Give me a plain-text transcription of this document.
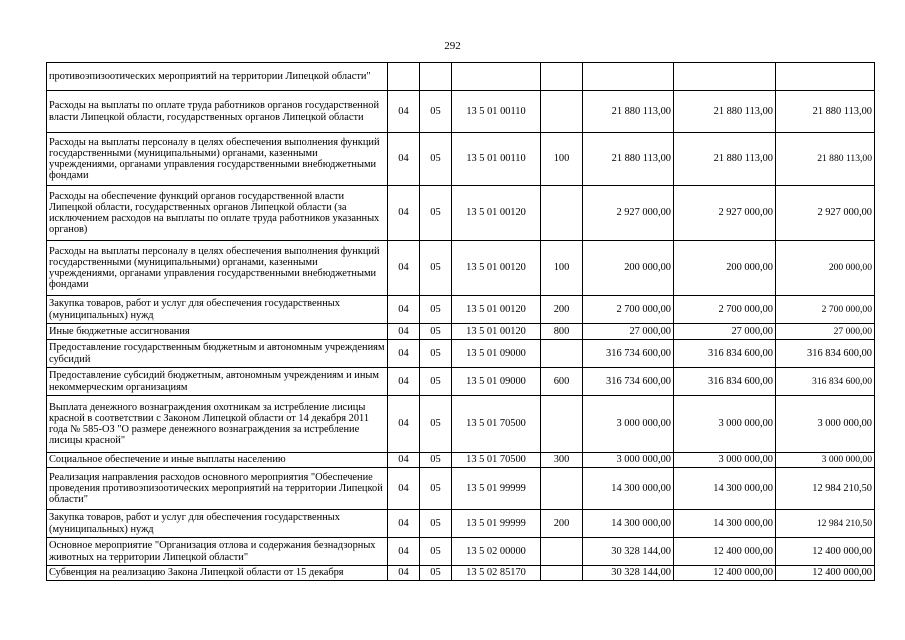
292
противоэпизоотических мероприятий на территории Липецкой области"							
Расходы на выплаты по оплате труда работников органов государственной власти Липецкой области, государственных органов Липецкой области	04	05	13 5 01 00110		21 880 113,00	21 880 113,00	21 880 113,00
Расходы на выплаты персоналу в целях обеспечения выполнения функций государственными (муниципальными) органами, казенными учреждениями, органами управления государственными внебюджетными фондами	04	05	13 5 01 00110	100	21 880 113,00	21 880 113,00	21 880 113,00
Расходы на обеспечение функций органов государственной власти Липецкой области, государственных органов Липецкой области (за исключением расходов на выплаты по оплате труда работников указанных органов)	04	05	13 5 01 00120		2 927 000,00	2 927 000,00	2 927 000,00
Расходы на выплаты персоналу в целях обеспечения выполнения функций государственными (муниципальными) органами, казенными учреждениями, органами управления государственными внебюджетными фондами	04	05	13 5 01 00120	100	200 000,00	200 000,00	200 000,00
Закупка товаров, работ и услуг для обеспечения государственных (муниципальных) нужд	04	05	13 5 01 00120	200	2 700 000,00	2 700 000,00	2 700 000,00
Иные бюджетные ассигнования	04	05	13 5 01 00120	800	27 000,00	27 000,00	27 000,00
Предоставление государственным бюджетным и автономным учреждениям субсидий	04	05	13 5 01 09000		316 734 600,00	316 834 600,00	316 834 600,00
Предоставление субсидий бюджетным, автономным учреждениям и иным некоммерческим организациям	04	05	13 5 01 09000	600	316 734 600,00	316 834 600,00	316 834 600,00
Выплата денежного вознаграждения охотникам за истребление лисицы красной в соответствии с Законом Липецкой области от 14 декабря 2011 года № 585-ОЗ "О размере денежного вознаграждения за истребление лисицы красной"	04	05	13 5 01 70500		3 000 000,00	3 000 000,00	3 000 000,00
Социальное обеспечение и иные выплаты населению	04	05	13 5 01 70500	300	3 000 000,00	3 000 000,00	3 000 000,00
Реализация направления расходов основного мероприятия "Обеспечение проведения противоэпизоотических мероприятий на территории Липецкой области"	04	05	13 5 01 99999		14 300 000,00	14 300 000,00	12 984 210,50
Закупка товаров, работ и услуг для обеспечения государственных (муниципальных) нужд	04	05	13 5 01 99999	200	14 300 000,00	14 300 000,00	12 984 210,50
Основное мероприятие "Организация отлова и содержания безнадзорных животных на территории Липецкой области"	04	05	13 5 02 00000		30 328 144,00	12 400 000,00	12 400 000,00
Субвенция на реализацию Закона Липецкой области от 15 декабря	04	05	13 5 02 85170		30 328 144,00	12 400 000,00	12 400 000,00
